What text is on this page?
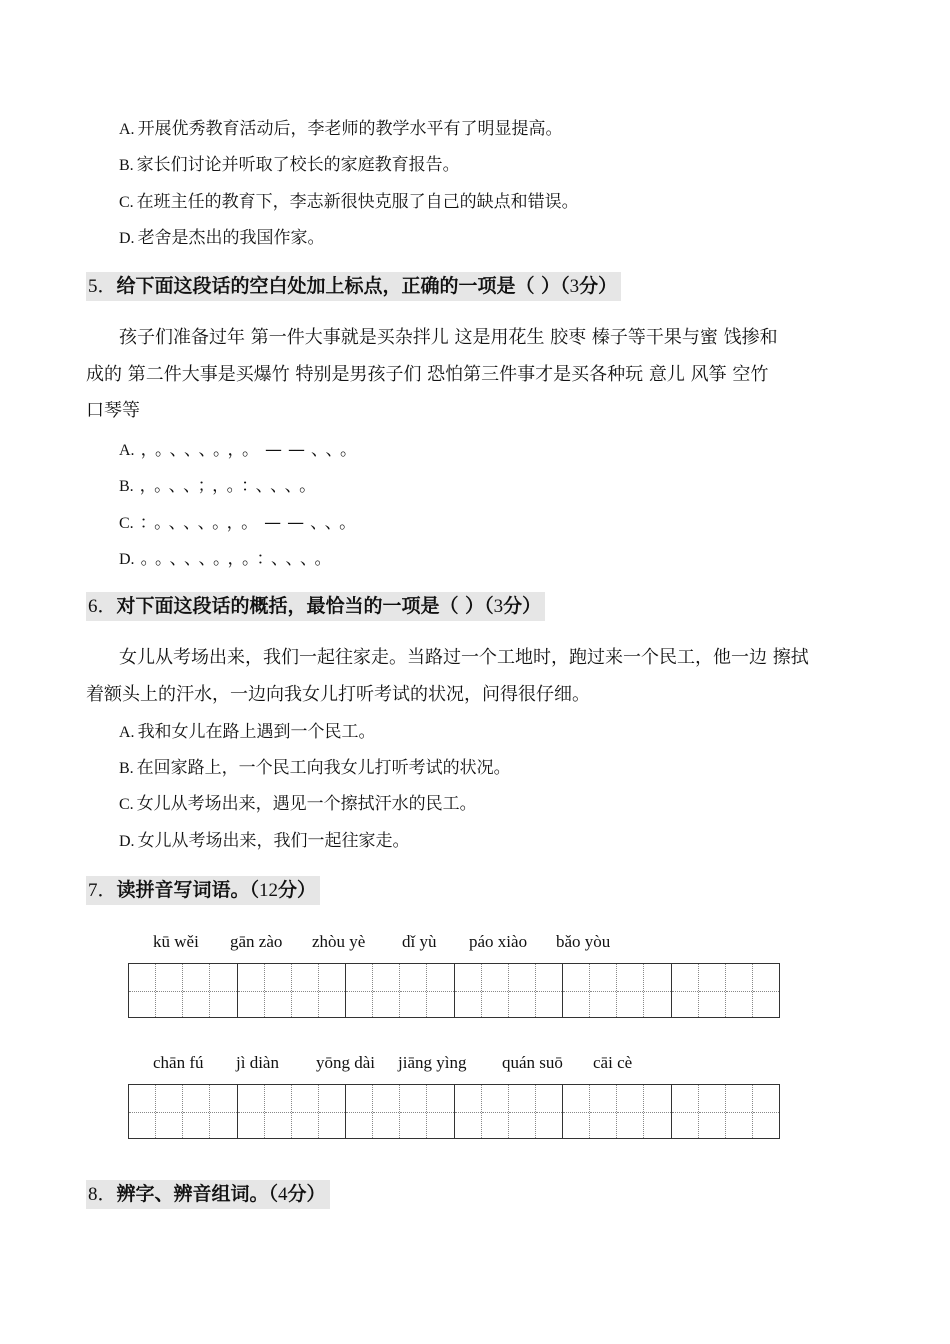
A. 开展优秀教育活动后，李老师的教学水平有了明显提高。
B. 家长们讨论并听取了校长的家庭教育报告。
C. 在班主任的教育下，李志新很快克服了自己的缺点和错误。
D. 老舍是杰出的我国作家。
5．给下面这段话的空白处加上标点，正确的一项是（ ）（3分）
孩子们准备过年 第一件大事就是买杂拌儿 这是用花生 胶枣 榛子等干果与蜜 饯掺和
成的 第二件大事是买爆竹 特别是男孩子们 恐怕第三件事才是买各种玩 意儿 风筝 空竹
口琴等
A. ，。、、、。，。——、、。
B. ，。、、；，。：、、、。
C. ：。、、、。，。——、、。
D. 。。、、、。，。：、、、。
6．对下面这段话的概括，最恰当的一项是（ ）（3分）
女儿从考场出来，我们一起往家走。当路过一个工地时，跑过来一个民工，他一边 擦拭
着额头上的汗水，一边向我女儿打听考试的状况，问得很仔细。
A. 我和女儿在路上遇到一个民工。
B. 在回家路上，一个民工向我女儿打听考试的状况。
C. 女儿从考场出来，遇见一个擦拭汗水的民工。
D. 女儿从考场出来，我们一起往家走。
7．读拼音写词语。（12分）
kū wěi gān zào zhòu yè dǐ yù páo xiào bǎo yòu
chān fú jì diàn yōng dài jiāng yìng quán suō cāi cè
8．辨字、辨音组词。（4分）
